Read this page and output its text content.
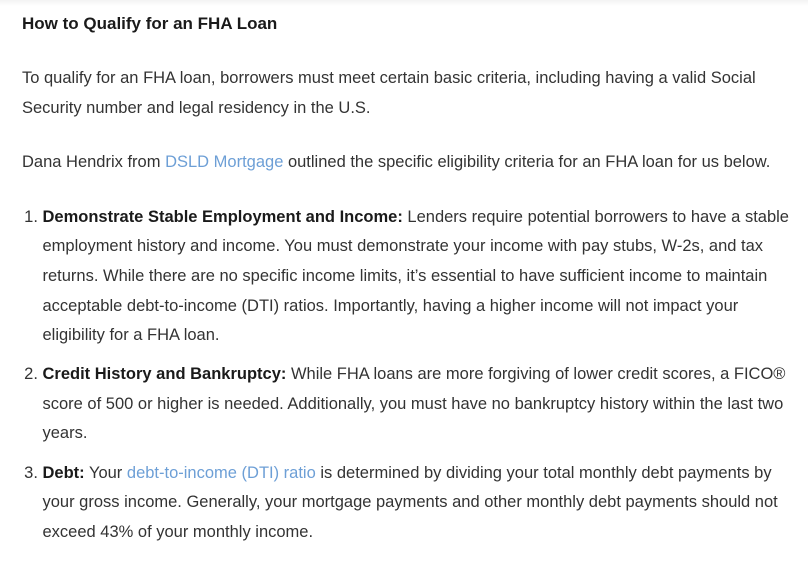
How to Qualify for an FHA Loan

To qualify for an FHA loan, borrowers must meet certain basic criteria, including having a valid Social Security number and legal residency in the U.S.

Dana Hendrix from DSLD Mortgage outlined the specific eligibility criteria for an FHA loan for us below.

1. Demonstrate Stable Employment and Income: Lenders require potential borrowers to have a stable employment history and income. You must demonstrate your income with pay stubs, W-2s, and tax returns. While there are no specific income limits, it’s essential to have sufficient income to maintain acceptable debt-to-income (DTI) ratios. Importantly, having a higher income will not impact your eligibility for a FHA loan.
2. Credit History and Bankruptcy: While FHA loans are more forgiving of lower credit scores, a FICO® score of 500 or higher is needed. Additionally, you must have no bankruptcy history within the last two years.
3. Debt: Your debt-to-income (DTI) ratio is determined by dividing your total monthly debt payments by your gross income. Generally, your mortgage payments and other monthly debt payments should not exceed 43% of your monthly income.
